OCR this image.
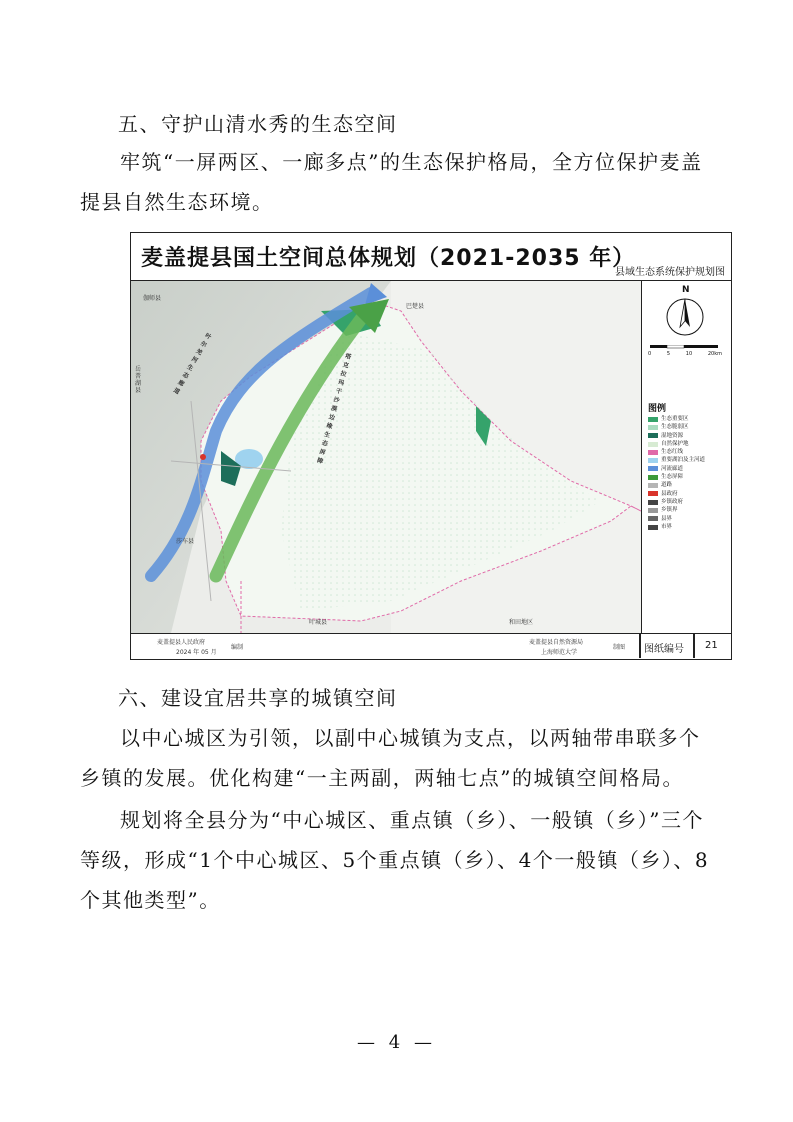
五、守护山清水秀的生态空间

牢筑“一屏两区、一廊多点”的生态保护格局，全方位保护麦盖提县自然生态环境。

麦盖提县国土空间总体规划（2021-2035 年）
县域生态系统保护规划图
叶尔羌河生态廊道
塔克拉玛干沙漠边缘生态屏障
伽师县
巴楚县
岳普湖县
莎车县
叶城县	和田地区
N
0	5	10	20km
图例
生态重要区
生态脆弱区
湿地资源
自然保护地
生态红线
重要湖泊及主河道
河流廊道
生态屏障
道路
县政府
乡镇政府
乡镇界
县界
市界
麦盖提县人民政府
2024 年 05 月
编制
麦盖提县自然资源局
上海师范大学
制图 图纸编号 21

六、建设宜居共享的城镇空间

以中心城区为引领，以副中心城镇为支点，以两轴带串联多个乡镇的发展。优化构建“一主两副，两轴七点”的城镇空间格局。

规划将全县分为“中心城区、重点镇（乡）、一般镇（乡）”三个等级，形成“1个中心城区、5个重点镇（乡）、4个一般镇（乡）、8个其他类型”。

— 4 —
